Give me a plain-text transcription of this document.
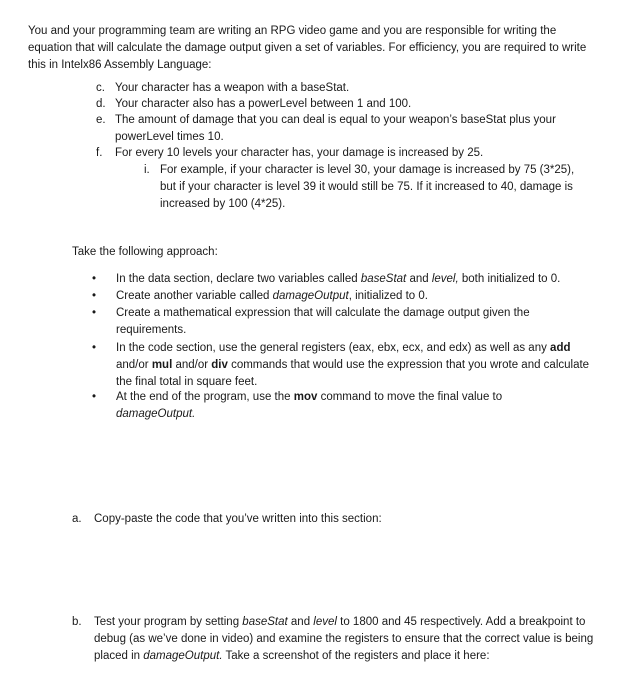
You and your programming team are writing an RPG video game and you are responsible for writing the equation that will calculate the damage output given a set of variables. For efficiency, you are required to write this in Intelx86 Assembly Language:
c. Your character has a weapon with a baseStat.
d. Your character also has a powerLevel between 1 and 100.
e. The amount of damage that you can deal is equal to your weapon’s baseStat plus your powerLevel times 10.
f. For every 10 levels your character has, your damage is increased by 25.
i. For example, if your character is level 30, your damage is increased by 75 (3*25), but if your character is level 39 it would still be 75. If it increased to 40, damage is increased by 100 (4*25).
Take the following approach:
• In the data section, declare two variables called baseStat and level, both initialized to 0.
• Create another variable called damageOutput, initialized to 0.
• Create a mathematical expression that will calculate the damage output given the requirements.
• In the code section, use the general registers (eax, ebx, ecx, and edx) as well as any add and/or mul and/or div commands that would use the expression that you wrote and calculate the final total in square feet.
• At the end of the program, use the mov command to move the final value to damageOutput.
a. Copy-paste the code that you’ve written into this section:
b. Test your program by setting baseStat and level to 1800 and 45 respectively. Add a breakpoint to debug (as we’ve done in video) and examine the registers to ensure that the correct value is being placed in damageOutput. Take a screenshot of the registers and place it here:
